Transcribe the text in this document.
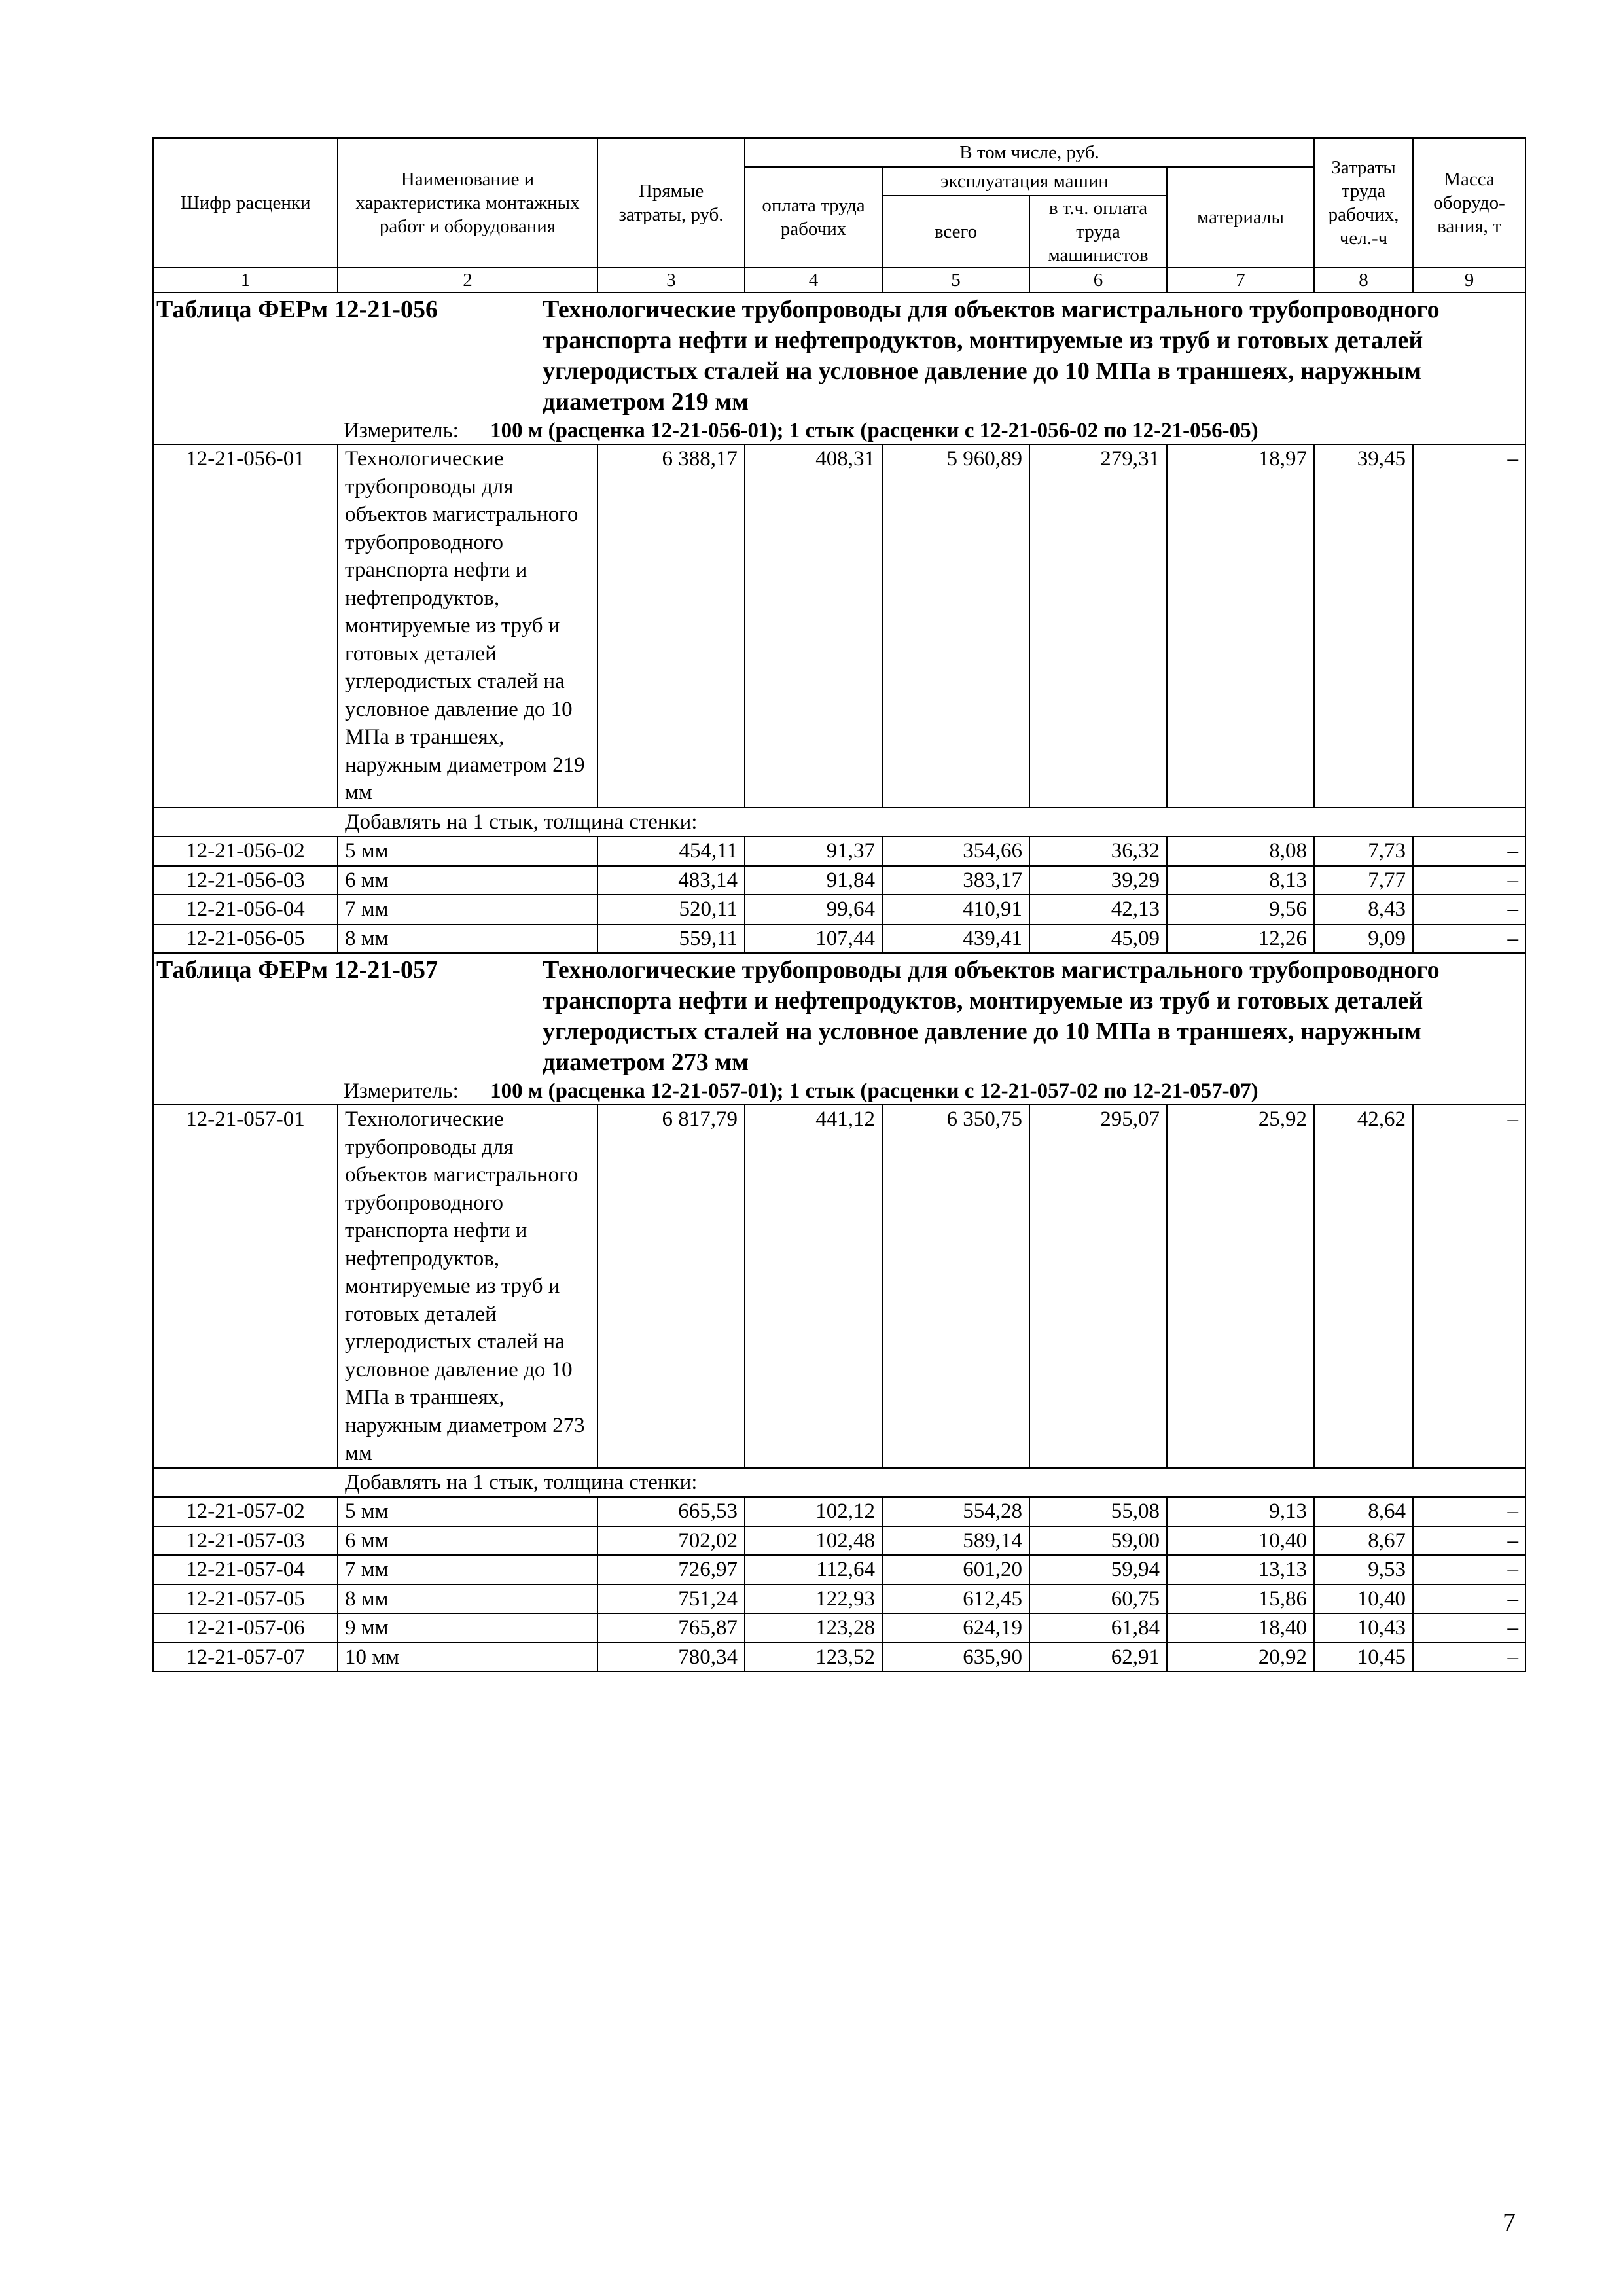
Шифр расценки	Наименование и характеристика монтажных работ и оборудования	Прямые затраты, руб.	В том числе, руб.				Затраты труда рабочих, чел.-ч	Масса оборудо-вания, т
			оплата труда рабочих	эксплуатация машин		материалы		
				всего	в т.ч. оплата труда машинистов			
1	2	3	4	5	6	7	8	9

Таблица ФЕРм 12-21-056 Технологические трубопроводы для объектов магистрального трубопроводного транспорта нефти и нефтепродуктов, монтируемые из труб и готовых деталей углеродистых сталей на условное давление до 10 МПа в траншеях, наружным диаметром 219 мм
Измеритель: 100 м (расценка 12-21-056-01); 1 стык (расценки с 12-21-056-02 по 12-21-056-05)								

12-21-056-01	Технологические трубопроводы для объектов магистрального трубопроводного транспорта нефти и нефтепродуктов, монтируемые из труб и готовых деталей углеродистых сталей на условное давление до 10 МПа в траншеях, наружным диаметром 219 мм	6 388,17	408,31	5 960,89	279,31	18,97	39,45	–
Добавлять на 1 стык, толщина стенки:								
12-21-056-02	5 мм	454,11	91,37	354,66	36,32	8,08	7,73	–
12-21-056-03	6 мм	483,14	91,84	383,17	39,29	8,13	7,77	–
12-21-056-04	7 мм	520,11	99,64	410,91	42,13	9,56	8,43	–
12-21-056-05	8 мм	559,11	107,44	439,41	45,09	12,26	9,09	–

Таблица ФЕРм 12-21-057 Технологические трубопроводы для объектов магистрального трубопроводного транспорта нефти и нефтепродуктов, монтируемые из труб и готовых деталей углеродистых сталей на условное давление до 10 МПа в траншеях, наружным диаметром 273 мм
Измеритель: 100 м (расценка 12-21-057-01); 1 стык (расценки с 12-21-057-02 по 12-21-057-07)								

12-21-057-01	Технологические трубопроводы для объектов магистрального трубопроводного транспорта нефти и нефтепродуктов, монтируемые из труб и готовых деталей углеродистых сталей на условное давление до 10 МПа в траншеях, наружным диаметром 273 мм	6 817,79	441,12	6 350,75	295,07	25,92	42,62	–
Добавлять на 1 стык, толщина стенки:								
12-21-057-02	5 мм	665,53	102,12	554,28	55,08	9,13	8,64	–
12-21-057-03	6 мм	702,02	102,48	589,14	59,00	10,40	8,67	–
12-21-057-04	7 мм	726,97	112,64	601,20	59,94	13,13	9,53	–
12-21-057-05	8 мм	751,24	122,93	612,45	60,75	15,86	10,40	–
12-21-057-06	9 мм	765,87	123,28	624,19	61,84	18,40	10,43	–
12-21-057-07	10 мм	780,34	123,52	635,90	62,91	20,92	10,45	–
7
